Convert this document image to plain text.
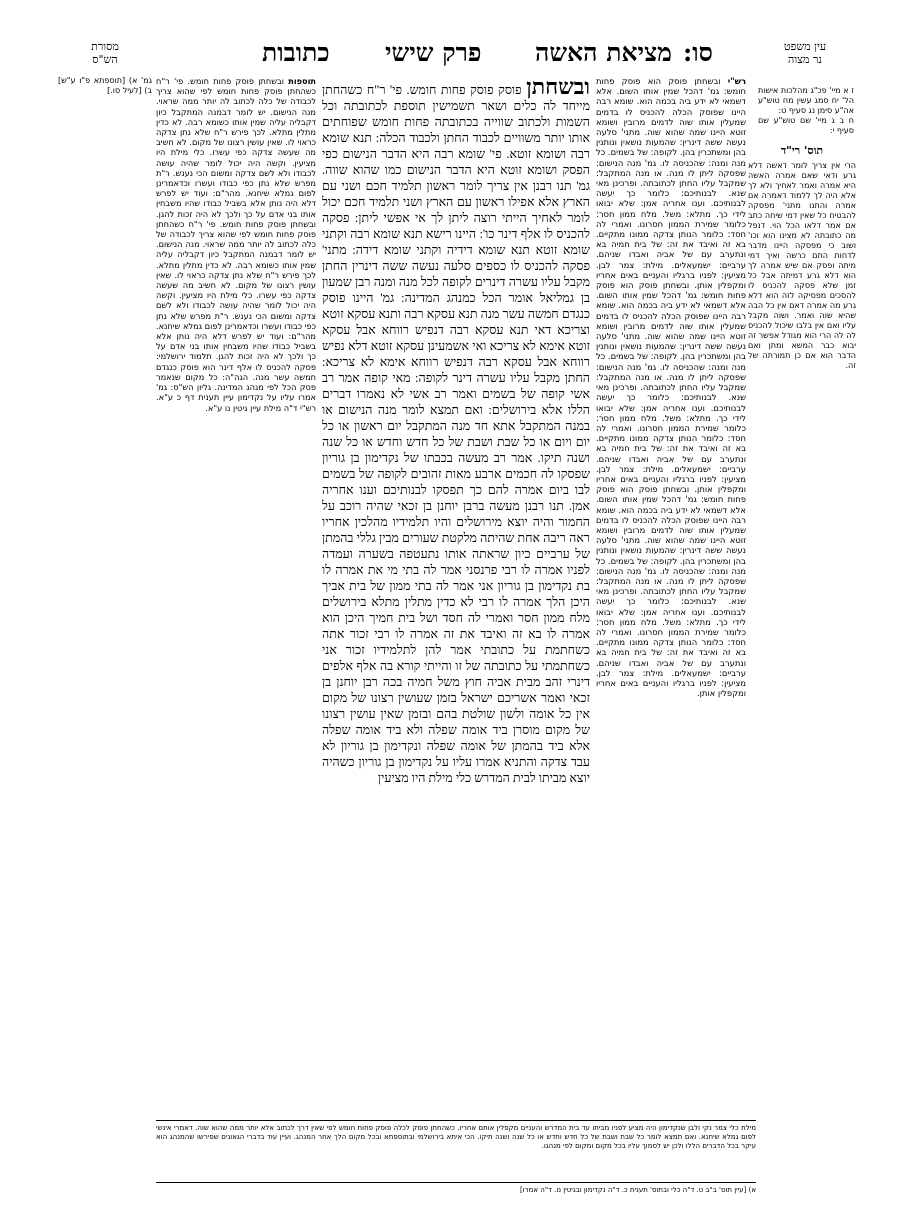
מסורת
הש"ס	כתובות פרק שישי מציאת האשה סו:	עין משפט
נר מצוה
גמ' א) [תוספתא פ"ו ע"ש] ב) [לעיל סו.]	ז א מיי' פכ"ג מהלכות אישות הל' יח סמג עשין מח טוש"ע אה"ע סימן נג סעיף ט:
ח ב ג מיי' שם טוש"ע שם סעיף י:

תוס' רי"ד
הרי אין צריך לומר דאשה דלא גרע ודאי שאם אמרה האשה היא אמרה ואמר לאחיך ולא לך אלא היה לך ללמוד דאמרה אם אמרה והתנו מתני' מפסקה להבטיח כל שאין דמי שיחה כתב אם אמר דלאו הכל הוי. דנפל מה כתובתה לא מצינו הוא וכו' ושוב כי מפסקה היינו מדבר לדחות התם כרשה ואיך דמי מיתה ופסק אם שיש אמרה לך הוא דלא גרע דמיתה אבל כל זמן שלא פסקה להכניס לו להסכים מפסיקה לזה הוא דלא גרע מה אמרה דאם אין כל הבה שהיא שוה ואמר. ושוה מקבל עליו ואם אין בלבו שיכול להכניס לה לה הרי הוא מגודל אפשר זה יבוא כבר המשא ומתן ואם הדבר הוא אם כן תמורתה של זה.
תוספות ובשחתן פוסק פחות חומש. פי' ר"ח כשהחתן פוסק פחות חומש לפי שהוא צריך לכבודה של כלה לכתוב לה יותר ממה שראוי. מנה הנישום. יש לומר דבמנה המתקבל כיון דקבליה עליה שמין אותו כשומא רבה. לא כדין מתלין מתלא. לכך פירש ר"ח שלא נתן צדקה כראוי לו. שאין עושין רצונו של מקום. לא חשיב מה שעשה צדקה כפי עשרו. כלי מילת היו מציעין. וקשה היה יכול לומר שהיה עושה לכבודו ולא לשם צדקה ומשום הכי נענש. ר"ת מפרש שלא נתן כפי כבודו ועשרו וכדאמרינן לפום גמלא שיחנא. מהר"ם: ועוד יש לפרש דלא היה נותן אלא בשביל כבודו שהיו משבחין אותו בני אדם על כך ולכך לא היה זכות להגן. ובשחתן פוסק פחות חומש. פי' ר"ח כשהחתן פוסק פחות חומש לפי שהוא צריך לכבודה של כלה לכתוב לה יותר ממה שראוי. מנה הנישום. יש לומר דבמנה המתקבל כיון דקבליה עליה שמין אותו כשומא רבה. לא כדין מתלין מתלא. לכך פירש ר"ח שלא נתן צדקה כראוי לו. שאין עושין רצונו של מקום. לא חשיב מה שעשה צדקה כפי עשרו. כלי מילת היו מציעין. וקשה היה יכול לומר שהיה עושה לכבודו ולא לשם צדקה ומשום הכי נענש. ר"ת מפרש שלא נתן כפי כבודו ועשרו וכדאמרינן לפום גמלא שיחנא. מהר"ם: ועוד יש לפרש דלא היה נותן אלא בשביל כבודו שהיו משבחין אותו בני אדם על כך ולכך לא היה זכות להגן. תלמוד ירושלמי: פסקה להכניס לו אלף דינר הוא פוסק כנגדם חמשה עשר מנה. הגה"ה: כל מקום שנאמר פסק הכל לפי מנהג המדינה. גליון הש"ס: גמ' אמרו עליו על נקדימון עיין תענית דף כ ע"א. רש"י ד"ה מילת עיין גיטין נו ע"א.
רש"י ובשחתן פוסק הוא פוסק פחות חומש: גמ' דהכל שמין אותו השום. אלא דשמאי לא ידע ביה בכמה הוא. שומא רבה היינו שפוסק הכלה להכניס לו בדמים שמעלין אותו שוה לדמים מרובין ושומא זוטא היינו שמה שהוא שוה. מתני' סלעה נעשה ששה דינרין: שהמעות נושאין ונותנין בהן ומשתכרין בהן. לקופה: של בשמים. כל מנה ומנה: שהכניסה לו. גמ' מנה הנישום: שפסקה ליתן לו מנה. או מנה המתקבל: שמקבל עליו החתן לכתובתה. ופרכינן מאי שנא. לבנותיכם: כלומר כך יעשה לבנותיכם. וענו אחריה אמן: שלא יבואו לידי כך. מתלא: משל. מלח ממון חסר: כלומר שמירת הממון חסרונו. ואמרי לה חסד: כלומר הנותן צדקה ממונו מתקיים. בא זה ואיבד את זה: של בית חמיה בא ונתערב עם של אביה ואבדו שניהם. ערביים: ישמעאלים. מילת: צמר לבן. מציעין: לפניו ברגליו והעניים באים אחריו ומקפלין אותן. ובשחתן פוסק הוא פוסק פחות חומש: גמ' דהכל שמין אותו השום. אלא דשמאי לא ידע ביה בכמה הוא. שומא רבה היינו שפוסק הכלה להכניס לו בדמים שמעלין אותו שוה לדמים מרובין ושומא זוטא היינו שמה שהוא שוה. מתני' סלעה נעשה ששה דינרין: שהמעות נושאין ונותנין בהן ומשתכרין בהן. לקופה: של בשמים. כל מנה ומנה: שהכניסה לו. גמ' מנה הנישום: שפסקה ליתן לו מנה. או מנה המתקבל: שמקבל עליו החתן לכתובתה. ופרכינן מאי שנא. לבנותיכם: כלומר כך יעשה לבנותיכם. וענו אחריה אמן: שלא יבואו לידי כך. מתלא: משל. מלח ממון חסר: כלומר שמירת הממון חסרונו. ואמרי לה חסד: כלומר הנותן צדקה ממונו מתקיים. בא זה ואיבד את זה: של בית חמיה בא ונתערב עם של אביה ואבדו שניהם. ערביים: ישמעאלים. מילת: צמר לבן. מציעין: לפניו ברגליו והעניים באים אחריו ומקפלין אותן. ובשחתן פוסק הוא פוסק פחות חומש: גמ' דהכל שמין אותו השום. אלא דשמאי לא ידע ביה בכמה הוא. שומא רבה היינו שפוסק הכלה להכניס לו בדמים שמעלין אותו שוה לדמים מרובין ושומא זוטא היינו שמה שהוא שוה. מתני' סלעה נעשה ששה דינרין: שהמעות נושאין ונותנין בהן ומשתכרין בהן. לקופה: של בשמים. כל מנה ומנה: שהכניסה לו. גמ' מנה הנישום: שפסקה ליתן לו מנה. או מנה המתקבל: שמקבל עליו החתן לכתובתה. ופרכינן מאי שנא. לבנותיכם: כלומר כך יעשה לבנותיכם. וענו אחריה אמן: שלא יבואו לידי כך. מתלא: משל. מלח ממון חסר: כלומר שמירת הממון חסרונו. ואמרי לה חסד: כלומר הנותן צדקה ממונו מתקיים. בא זה ואיבד את זה: של בית חמיה בא ונתערב עם של אביה ואבדו שניהם. ערביים: ישמעאלים. מילת: צמר לבן. מציעין: לפניו ברגליו והעניים באים אחריו ומקפלין אותן.
ובשחתן פוסק פוסק פחות חומש. פי' ר"ח כשהחתן מייחד לה כלים ושאר תשמישין תוספת לכתובתה וכל השמות ולכתוב שווייה בכתובתה פחות חומש שפוחתים אותו יותר משוויים לכבוד החתן ולכבוד הכלה: תנא שומא רבה ושומא זוטא. פי' שומא רבה היא הדבר הנישום כפי הפסק ושומא זוטא היא הדבר הנישום כמו שהוא שווה. גמ' תנו רבנן אין צריך לומר ראשון תלמיד חכם ושני עם הארץ אלא אפילו ראשון עם הארץ ושני תלמיד חכם יכול לומר לאחיך הייתי רוצה ליתן לך אי אפשי ליתן: פסקה להכניס לו אלף דינר כו': היינו רישא תנא שומא רבה וקתני שומא זוטא תנא שומא דידיה וקתני שומא דידה: מתני' פסקה להכניס לו כספים סלעה נעשה ששה דינרין החתן מקבל עליו עשרה דינרים לקופה לכל מנה ומנה רבן שמעון בן גמליאל אומר הכל כמנהג המדינה: גמ' היינו פוסק כנגדם חמשה עשר מנה תנא עסקא רבה ותנא עסקא זוטא וצריכא דאי תנא עסקא רבה דנפיש רווחא אבל עסקא זוטא אימא לא צריכא ואי אשמעינן עסקא זוטא דלא נפיש רווחא אבל עסקא רבה דנפיש רווחא אימא לא צריכא: החתן מקבל עליו עשרה דינר לקופה: מאי קופה אמר רב אשי קופה של בשמים ואמר רב אשי לא נאמרו דברים הללו אלא בירושלים: ואם תמצא לומר מנה הנישום או במנה המתקבל אתא חד מנה המתקבל יום ראשון או כל יום ויום או כל שבת ושבת של כל חדש וחדש או כל שנה ושנה תיקו. אמר רב מעשה בכבתו של נקדימון בן גוריון שפסקו לה חכמים ארבע מאות זהובים לקופה של בשמים לבו ביום אמרה להם כך תפסקו לבנותיכם וענו אחריה אמן. תנו רבנן מעשה ברבן יוחנן בן זכאי שהיה רוכב על החמור והיה יוצא מירושלים והיו תלמידיו מהלכין אחריו ראה ריבה אחת שהיתה מלקטת שעורים מבין גללי בהמתן של ערביים כיון שראתה אותו נתעטפה בשערה ועמדה לפניו אמרה לו רבי פרנסני אמר לה בתי מי את אמרה לו בת נקדימון בן גוריון אני אמר לה בתי ממון של בית אביך היכן הלך אמרה לו רבי לא כדין מתלין מתלא בירושלים מלח ממון חסר ואמרי לה חסד ושל בית חמיך היכן הוא אמרה לו בא זה ואיבד את זה אמרה לו רבי זכור אתה כשחתמת על כתובתי אמר להן לתלמידיו זכור אני כשחתמתי על כתובתה של זו והייתי קורא בה אלף אלפים דינרי זהב מבית אביה חוץ משל חמיה בכה רבן יוחנן בן זכאי ואמר אשריכם ישראל בזמן שעושין רצונו של מקום אין כל אומה ולשון שולטת בהם ובזמן שאין עושין רצונו של מקום מוסרן ביד אומה שפלה ולא ביד אומה שפלה אלא ביד בהמתן של אומה שפלה ונקדימון בן גוריון לא עבד צדקה והתניא אמרו עליו על נקדימון בן גוריון כשהיה יוצא מביתו לבית המדרש כלי מילת היו מציעין
מילת כלי צמר נקי ולבן שנקדימון היה מציע לפניו מביתו עד בית המדרש והעניים מקפלין אותם אחריו. כשהחתן פוסק לכלה פוסק פחות חומש לפי שאין דרך לכתוב אלא יותר ממה שהוא שוה. דאמרי אינשי לפום גמלא שיחנא. ואם תמצא לומר כל שבת ושבת של כל חדש וחדש או כל שנה ושנה תיקו. הכי איתא בירושלמי ובתוספתא ובכל מקום הלך אחר המנהג. ועיין עוד בדברי הגאונים שפירשו שהמנהג הוא עיקר בכל הדברים הללו ולכן יש לסמוך עליו בכל מקום ומקום לפי מנהגו.
א) [עיין תוס' ב"ב ט. ד"ה כלי ובתוס' תענית כ. ד"ה נקדימון ובגיטין נו. ד"ה אמרו]
